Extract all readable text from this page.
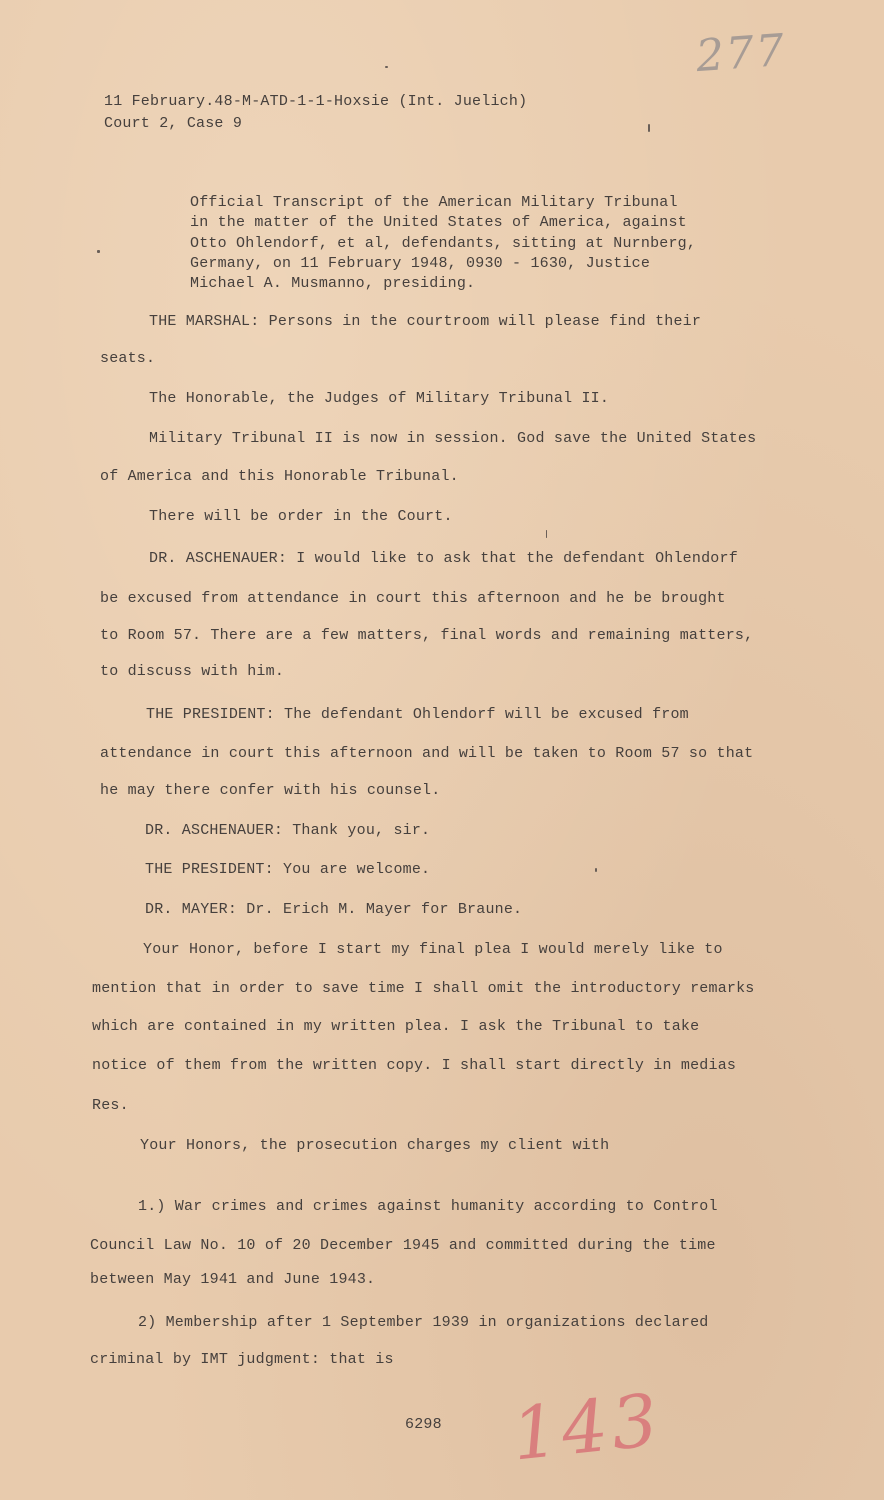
277
11 February.48-M-ATD-1-1-Hoxsie (Int. Juelich)
Court 2, Case 9
Official Transcript of the American Military Tribunal
in the matter of the United States of America, against
Otto Ohlendorf, et al, defendants, sitting at Nurnberg,
Germany, on 11 February 1948, 0930 - 1630, Justice
Michael A. Musmanno, presiding.
THE MARSHAL: Persons in the courtroom will please find their
seats.
The Honorable, the Judges of Military Tribunal II.
Military Tribunal II is now in session. God save the United States
of America and this Honorable Tribunal.
There will be order in the Court.
DR. ASCHENAUER: I would like to ask that the defendant Ohlendorf
be excused from attendance in court this afternoon and he be brought
to Room 57. There are a few matters, final words and remaining matters,
to discuss with him.
THE PRESIDENT: The defendant Ohlendorf will be excused from
attendance in court this afternoon and will be taken to Room 57 so that
he may there confer with his counsel.
DR. ASCHENAUER: Thank you, sir.
THE PRESIDENT: You are welcome.
DR. MAYER: Dr. Erich M. Mayer for Braune.
Your Honor, before I start my final plea I would merely like to
mention that in order to save time I shall omit the introductory remarks
which are contained in my written plea. I ask the Tribunal to take
notice of them from the written copy. I shall start directly in medias
Res.
Your Honors, the prosecution charges my client with
1.) War crimes and crimes against humanity according to Control
Council Law No. 10 of 20 December 1945 and committed during the time
between May 1941 and June 1943.
2) Membership after 1 September 1939 in organizations declared
criminal by IMT judgment: that is
6298 143
